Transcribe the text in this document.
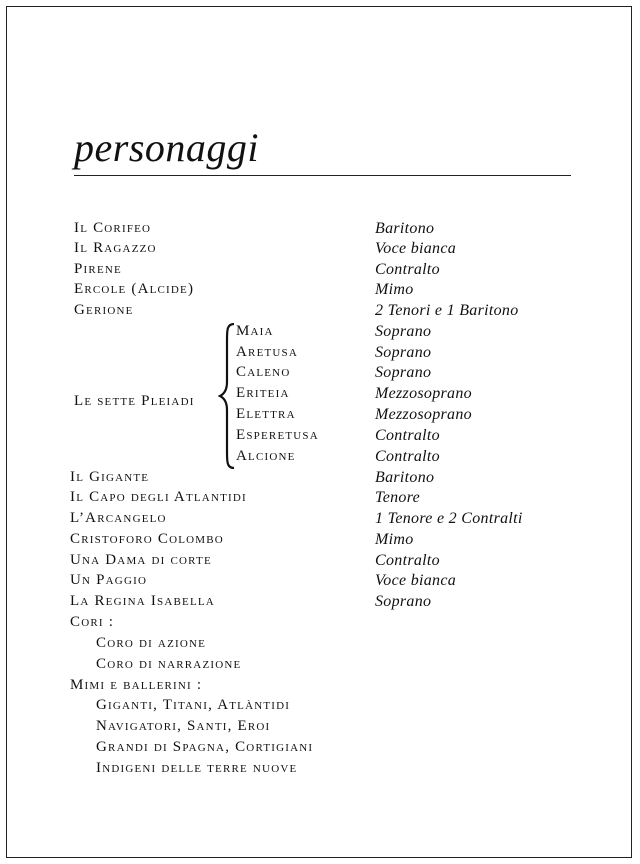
personaggi
Il Corifeo	Baritono
Il Ragazzo	Voce bianca
Pirene	Contralto
Ercole (Alcide)	Mimo
Gerione	2 Tenori e 1 Baritono
Le sette Pleiadi
Maia	Soprano
Aretusa	Soprano
Caleno	Soprano
Eriteia	Mezzosoprano
Elettra	Mezzosoprano
Esperetusa	Contralto
Alcione	Contralto
Il Gigante	Baritono
Il Capo degli Atlantidi	Tenore
L’Arcangelo	1 Tenore e 2 Contralti
Cristoforo Colombo	Mimo
Una Dama di corte	Contralto
Un Paggio	Voce bianca
La Regina Isabella	Soprano
Cori :
Coro di azione
Coro di narrazione
Mimi e ballerini :
Giganti, Titani, Atlàntidi
Navigatori, Santi, Eroi
Grandi di Spagna, Cortigiani
Indigeni delle terre nuove
